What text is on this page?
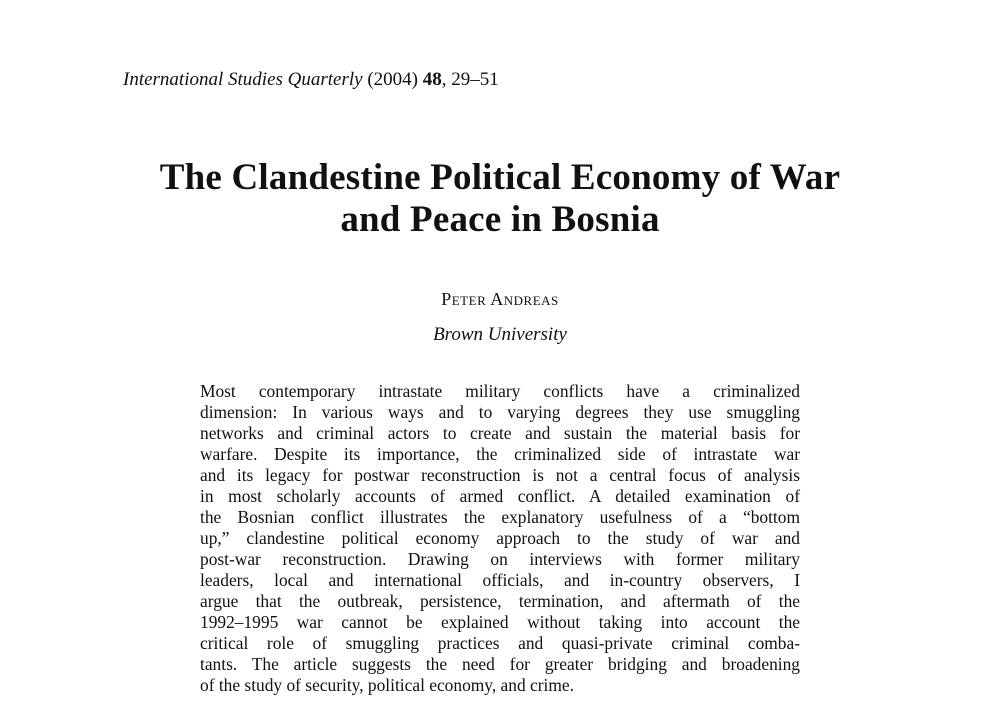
International Studies Quarterly (2004) 48, 29–51
The Clandestine Political Economy of War
and Peace in Bosnia
Peter Andreas
Brown University
Most contemporary intrastate military conflicts have a criminalized
dimension: In various ways and to varying degrees they use smuggling
networks and criminal actors to create and sustain the material basis for
warfare. Despite its importance, the criminalized side of intrastate war
and its legacy for postwar reconstruction is not a central focus of analysis
in most scholarly accounts of armed conflict. A detailed examination of
the Bosnian conflict illustrates the explanatory usefulness of a “bottom
up,” clandestine political economy approach to the study of war and
post-war reconstruction. Drawing on interviews with former military
leaders, local and international officials, and in-country observers, I
argue that the outbreak, persistence, termination, and aftermath of the
1992–1995 war cannot be explained without taking into account the
critical role of smuggling practices and quasi-private criminal comba-
tants. The article suggests the need for greater bridging and broadening
of the study of security, political economy, and crime.
